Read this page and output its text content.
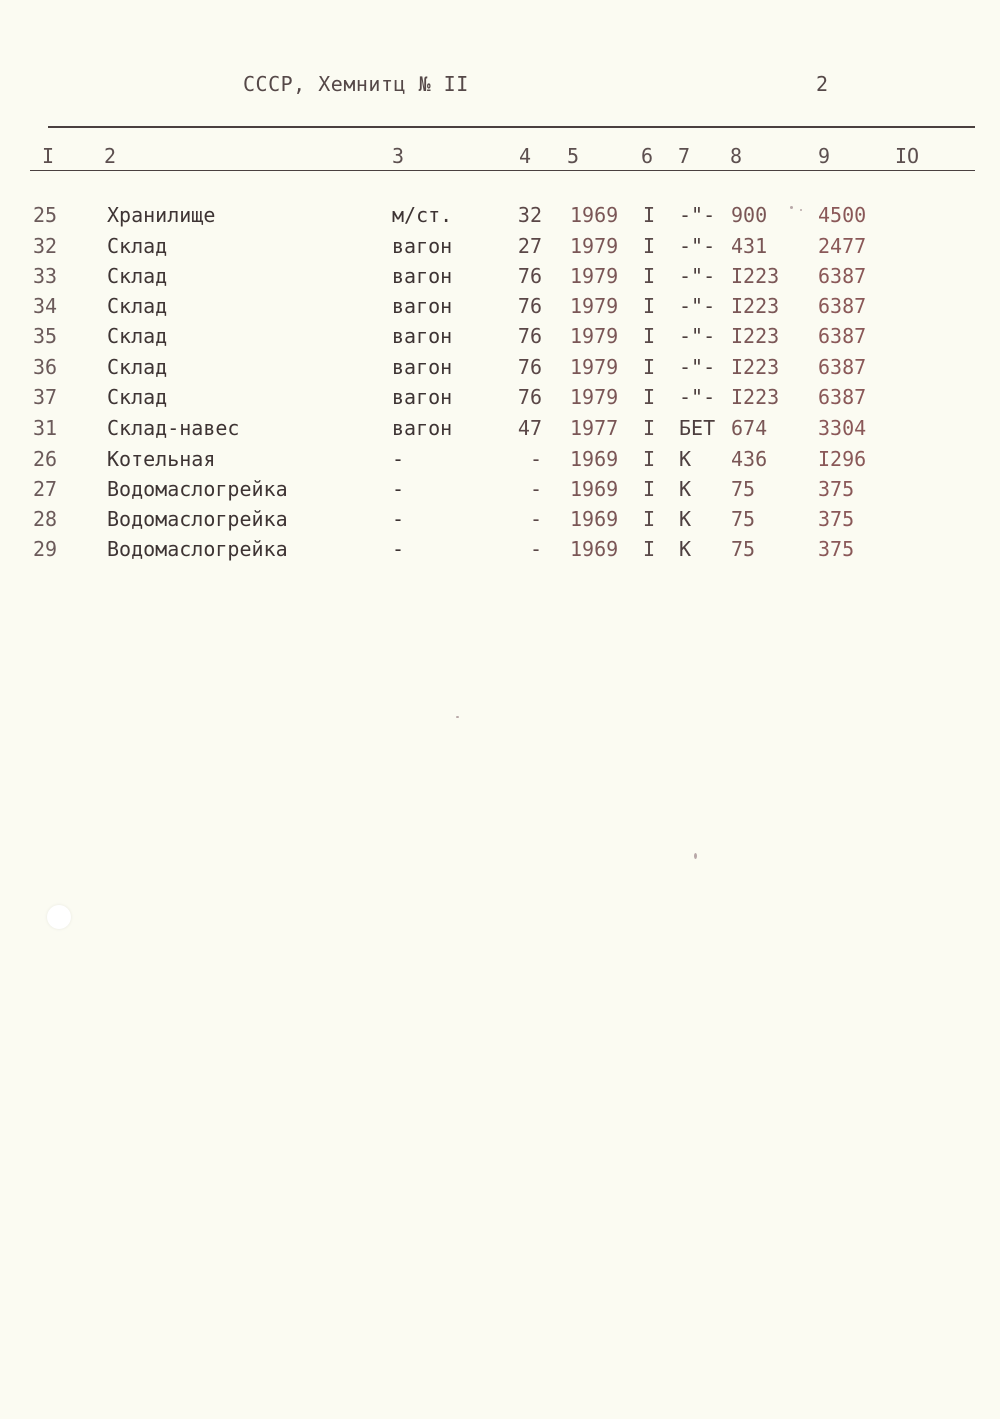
СССР, Хемнитц № II	2
I 2	3	4 5	6 7 8	9	IO
25 Хранилище	м/ст.	32 1969 I -"- 900	4500
32 Склад	вагон	27 1979 I -"- 431	2477
33 Склад	вагон	76 1979 I -"- I223 6387
34 Склад	вагон	76 1979 I -"- I223 6387
35 Склад	вагон	76 1979 I -"- I223 6387
36 Склад	вагон	76 1979 I -"- I223 6387
37 Склад	вагон	76 1979 I -"- I223 6387
31 Склад-навес	вагон	47 1977 I БЕТ 674	3304
26 Котельная	-	- 1969 I К 436	I296
27 Водомаслогрейка	-	- 1969 I К 75	375
28 Водомаслогрейка	-	- 1969 I К 75	375
29 Водомаслогрейка	-	- 1969 I К 75	375
